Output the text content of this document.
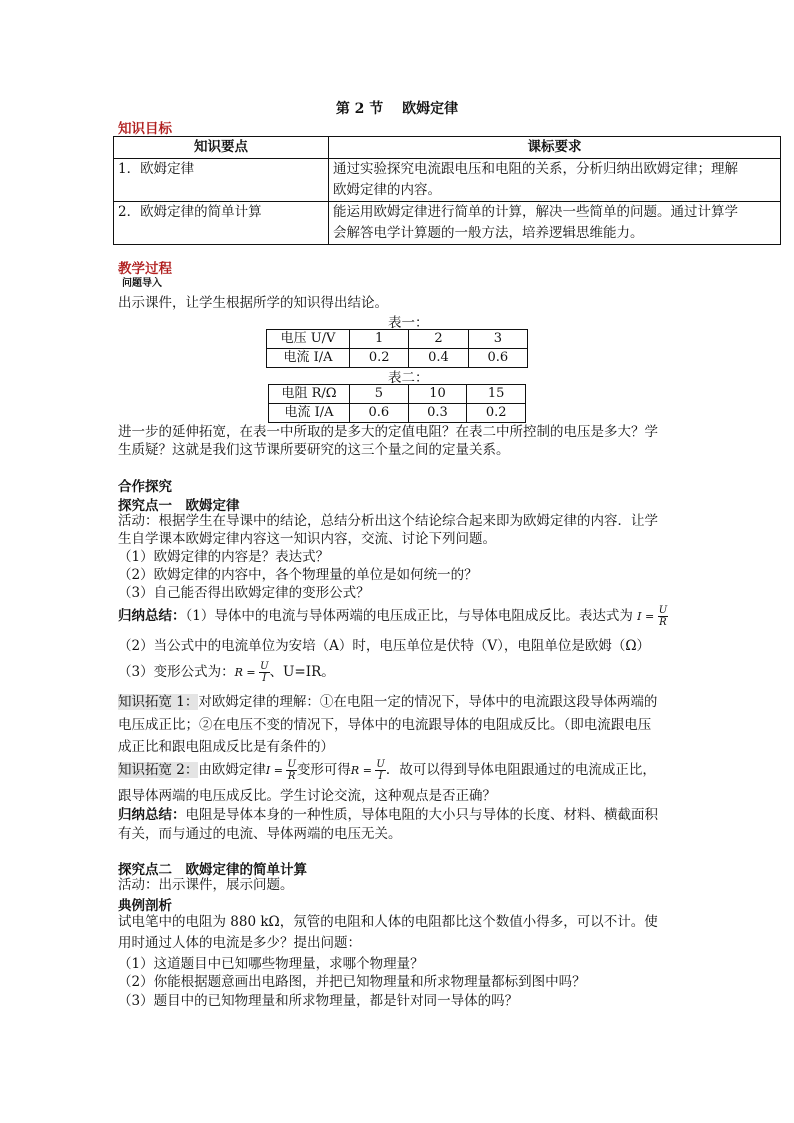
第 2 节　 欧姆定律
知识目标
知识要点	课标要求
1．欧姆定律	通过实验探究电流跟电压和电阻的关系，分析归纳出欧姆定律；理解
欧姆定律的内容。
2．欧姆定律的简单计算	能运用欧姆定律进行简单的计算，解决一些简单的问题。通过计算学
会解答电学计算题的一般方法，培养逻辑思维能力。
教学过程
问题导入
出示课件，让学生根据所学的知识得出结论。
表一：
电压 U/V	1	2	3
电流 I/A	0.2	0.4	0.6
表二：
电阻 R/Ω	5	10	15
电流 I/A	0.6	0.3	0.2
进一步的延伸拓宽，在表一中所取的是多大的定值电阻？在表二中所控制的电压是多大？学
生质疑？这就是我们这节课所要研究的这三个量之间的定量关系。
合作探究
探究点一　欧姆定律
活动：根据学生在导课中的结论，总结分析出这个结论综合起来即为欧姆定律的内容．让学
生自学课本欧姆定律内容这一知识内容，交流、讨论下列问题。
（1）欧姆定律的内容是？表达式？
（2）欧姆定律的内容中，各个物理量的单位是如何统一的？
（3）自己能否得出欧姆定律的变形公式？
归纳总结：（1）导体中的电流与导体两端的电压成正比，与导体电阻成反比。表达式为 $I = \frac{U}{R}$
（2）当公式中的电流单位为安培（A）时，电压单位是伏特（V），电阻单位是欧姆（Ω）
（3）变形公式为：$R = \frac{U}{I}$ 、U=IR。
知识拓宽 1：对欧姆定律的理解：①在电阻一定的情况下，导体中的电流跟这段导体两端的
电压成正比；②在电压不变的情况下，导体中的电流跟导体的电阻成反比。（即电流跟电压
成正比和跟电阻成反比是有条件的）
知识拓宽 2：由欧姆定律$I = \frac{U}{R}$ 变形可得$R = \frac{U}{I}$ ．故可以得到导体电阻跟通过的电流成正比，
跟导体两端的电压成反比。学生讨论交流，这种观点是否正确？
归纳总结：电阻是导体本身的一种性质，导体电阻的大小只与导体的长度、材料、横截面积
有关，而与通过的电流、导体两端的电压无关。
探究点二　欧姆定律的简单计算
活动：出示课件，展示问题。
典例剖析
试电笔中的电阻为 880 kΩ，氖管的电阻和人体的电阻都比这个数值小得多，可以不计。使
用时通过人体的电流是多少？提出问题：
（1）这道题目中已知哪些物理量，求哪个物理量？
（2）你能根据题意画出电路图，并把已知物理量和所求物理量都标到图中吗？
（3）题目中的已知物理量和所求物理量，都是针对同一导体的吗？
